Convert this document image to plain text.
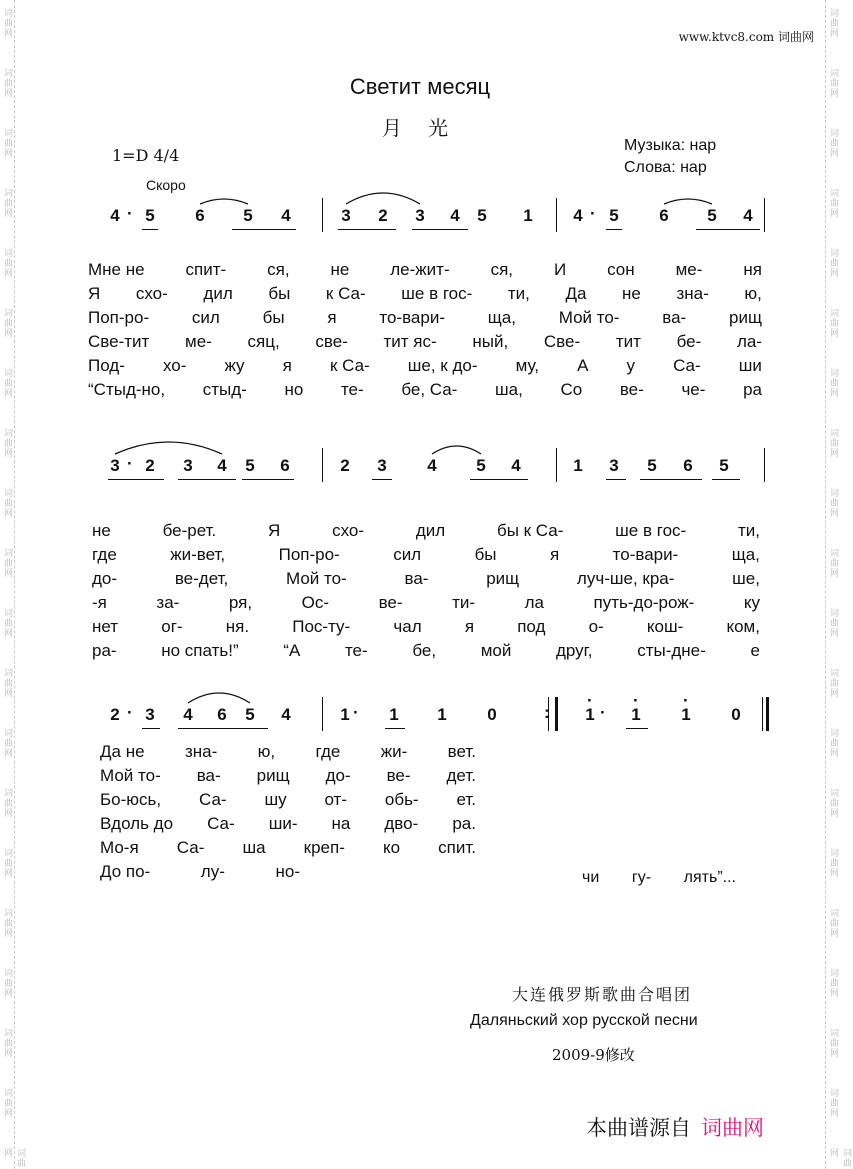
词曲网
词曲网
词曲网
词曲网
词曲网
词曲网
词曲网
词曲网
词曲网
词曲网
词曲网
词曲网
词曲网
词曲网
词曲网
词曲网
词曲网
词曲网
词曲网
词曲网
词曲网
词曲网
词曲网
词曲网
词曲网
词曲网
词曲网
词曲网
词曲网
词曲网
词曲网
词曲网
词曲网
词曲网
词曲网
词曲网
词曲网
词曲网
词曲网
词曲网
www.ktvc8.com 词曲网
Светит месяц
月 光
1=D 4/4
Музыка: нар
Слова: нар
Скоро
4 5 6 5 4	3 2 3 4 5 1 4 5 6 5 4
·	·
3 2 3 4 5 6	2 3 4 5 4	1 3 5 6 5
·
2 3 4 6 5 4	1 1 1 0	1 1 1 0
·	·	·
· ·	·
:
Мне не спит- ся, не ле-жит- ся, И сон ме- ня
Я схо- дил бы к Са- ше в гос- ти, Да не зна- ю,
Поп-ро-	сил	бы	я	то-вари-	щa,	Мой то-	ва-	рищ
Све-тит ме- сяц, све- тит яс- ный, Све- тит бе- ла-
Под- хо- жу я к Са- ше, к до- му, А у Са- ши
“Стыд-но, стыд- но те- бе, Са- ша, Со ве- че- ра
не	бе-рет.	Я	схо-	дил	бы к Са-	ше в гос-	ти,
где	жи-вет,	Поп-ро-	сил	бы	я	то-вари-	щa,
до-	ве-дет,	Мой то-	ва-	рищ	луч-ше, кра-	ше,
-я	за-	ря,	Ос-	ве-	ти-	ла	путь-до-рож-	ку
нет	ог-	ня.	Пос-ту-	чал	я	под	о-	кош-	ком,
ра-	но спать!”	“А	те-	бе,	мой	друг,	сты-дне-	е
Да не зна- ю, где жи- вет.
Мой то- ва- рищ до- ве- дет.
Бо-юсь, Са- шу от- обь- ет.
Вдоль до Са- ши- на дво- ра.
Мо-я Са- ша креп- ко спит.
До по-	лу-	но-	чи гу- лять”...
大连俄罗斯歌曲合唱团
Даляньский хор русской песни
2009-9修改
本曲谱源自 词曲网
